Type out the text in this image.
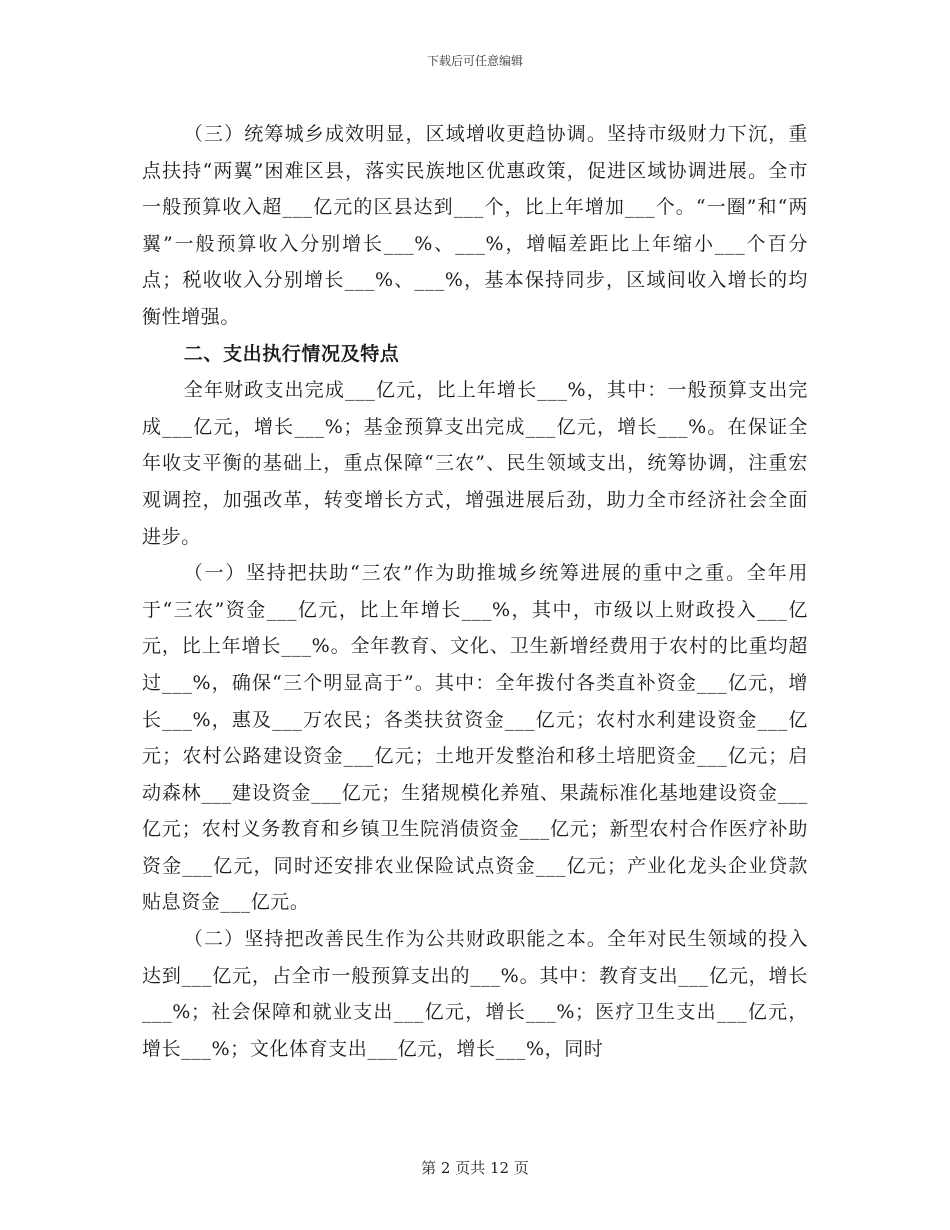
下载后可任意编辑

（三）统筹城乡成效明显，区域增收更趋协调。坚持市级财力下沉，重点扶持“两翼”困难区县，落实民族地区优惠政策，促进区域协调进展。全市一般预算收入超___亿元的区县达到___个，比上年增加___个。“一圈”和“两翼”一般预算收入分别增长___%、___%，增幅差距比上年缩小___个百分点；税收收入分别增长___%、___%，基本保持同步，区域间收入增长的均衡性增强。

二、支出执行情况及特点

全年财政支出完成___亿元，比上年增长___%，其中：一般预算支出完成___亿元，增长___%；基金预算支出完成___亿元，增长___%。在保证全年收支平衡的基础上，重点保障“三农”、民生领域支出，统筹协调，注重宏观调控，加强改革，转变增长方式，增强进展后劲，助力全市经济社会全面进步。

（一）坚持把扶助“三农”作为助推城乡统筹进展的重中之重。全年用于“三农”资金___亿元，比上年增长___%，其中，市级以上财政投入___亿元，比上年增长___%。全年教育、文化、卫生新增经费用于农村的比重均超过___%，确保“三个明显高于”。其中：全年拨付各类直补资金___亿元，增长___%，惠及___万农民；各类扶贫资金___亿元；农村水利建设资金___亿元；农村公路建设资金___亿元；土地开发整治和移土培肥资金___亿元；启动森林___建设资金___亿元；生猪规模化养殖、果蔬标准化基地建设资金___亿元；农村义务教育和乡镇卫生院消债资金___亿元；新型农村合作医疗补助资金___亿元，同时还安排农业保险试点资金___亿元；产业化龙头企业贷款贴息资金___亿元。

（二）坚持把改善民生作为公共财政职能之本。全年对民生领域的投入达到___亿元，占全市一般预算支出的___%。其中：教育支出___亿元，增长___%；社会保障和就业支出___亿元，增长___%；医疗卫生支出___亿元，增长___%；文化体育支出___亿元，增长___%，同时

第 2 页共 12 页
